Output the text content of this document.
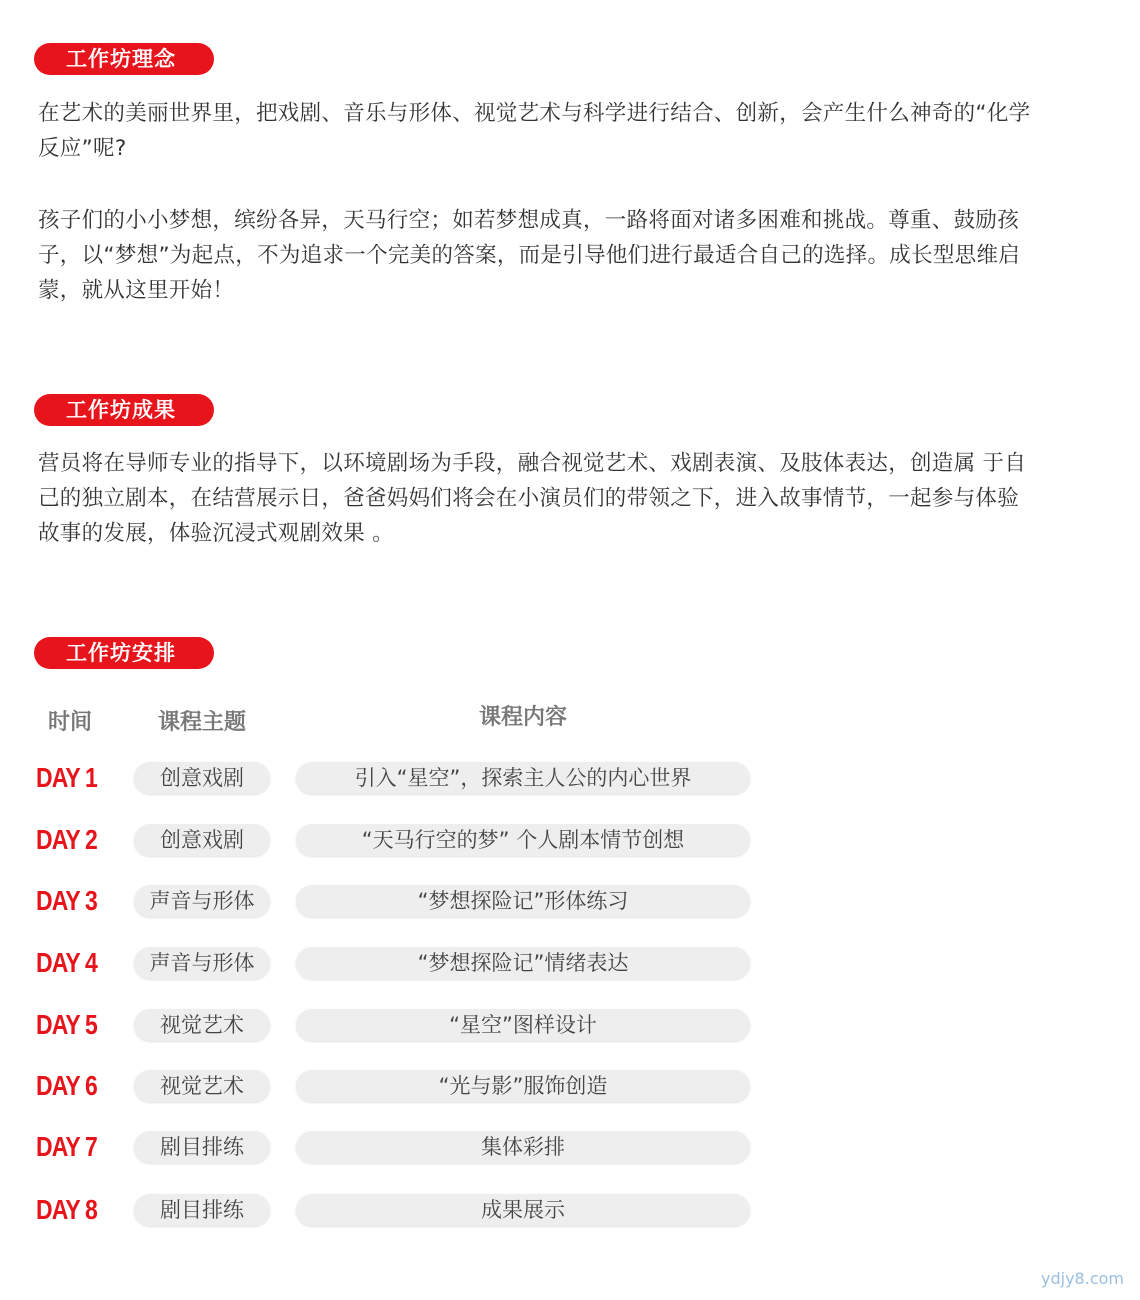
工作坊理念

在艺术的美丽世界里，把戏剧、音乐与形体、视觉艺术与科学进行结合、创新，会产生什么神奇的“化学反应”呢?

孩子们的小小梦想，缤纷各异，天马行空；如若梦想成真，一路将面对诸多困难和挑战。尊重、鼓励孩子，以“梦想”为起点，不为追求一个完美的答案，而是引导他们进行最适合自己的选择。成长型思维启蒙，就从这里开始！

工作坊成果

营员将在导师专业的指导下，以环境剧场为手段，融合视觉艺术、戏剧表演、及肢体表达，创造属 于自己的独立剧本，在结营展示日，爸爸妈妈们将会在小演员们的带领之下，进入故事情节，一起参与体验故事的发展，体验沉浸式观剧效果 。

工作坊安排
时间	课程主题	课程内容
DAY 1	创意戏剧	引入“星空”，探索主人公的内心世界
DAY 2	创意戏剧	“天马行空的梦” 个人剧本情节创想
DAY 3	声音与形体	“梦想探险记”形体练习
DAY 4	声音与形体	“梦想探险记”情绪表达
DAY 5	视觉艺术	“星空”图样设计
DAY 6	视觉艺术	“光与影”服饰创造
DAY 7	剧目排练	集体彩排
DAY 8	剧目排练	成果展示
ydjy8.com
